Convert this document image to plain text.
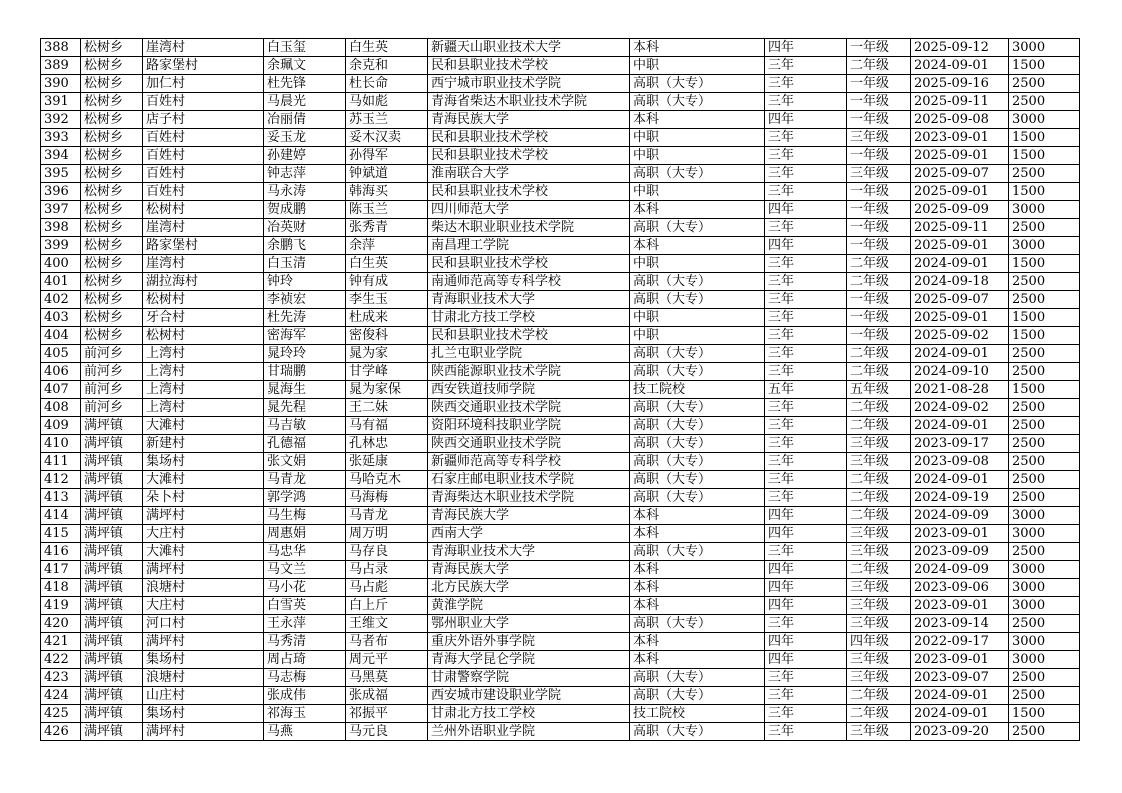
388	松树乡	崖湾村	白玉玺	白生英	新疆天山职业技术大学	本科	四年	一年级	2025-09-12	3000
389	松树乡	路家堡村	余珮文	余克和	民和县职业技术学校	中职	三年	二年级	2024-09-01	1500
390	松树乡	加仁村	杜先锋	杜长命	西宁城市职业技术学院	高职（大专）	三年	一年级	2025-09-16	2500
391	松树乡	百姓村	马晨光	马如彪	青海省柴达木职业技术学院	高职（大专）	三年	一年级	2025-09-11	2500
392	松树乡	店子村	冶丽倩	苏玉兰	青海民族大学	本科	四年	一年级	2025-09-08	3000
393	松树乡	百姓村	妥玉龙	妥木汉卖	民和县职业技术学校	中职	三年	三年级	2023-09-01	1500
394	松树乡	百姓村	孙建婷	孙得军	民和县职业技术学校	中职	三年	一年级	2025-09-01	1500
395	松树乡	百姓村	钟志萍	钟斌道	淮南联合大学	高职（大专）	三年	三年级	2025-09-07	2500
396	松树乡	百姓村	马永涛	韩海买	民和县职业技术学校	中职	三年	一年级	2025-09-01	1500
397	松树乡	松树村	贺成鹏	陈玉兰	四川师范大学	本科	四年	一年级	2025-09-09	3000
398	松树乡	崖湾村	冶英财	张秀青	柴达木职业职业技术学院	高职（大专）	三年	一年级	2025-09-11	2500
399	松树乡	路家堡村	余鹏飞	余萍	南昌理工学院	本科	四年	一年级	2025-09-01	3000
400	松树乡	崖湾村	白玉清	白生英	民和县职业技术学校	中职	三年	二年级	2024-09-01	1500
401	松树乡	湖拉海村	钟玲	钟有成	南通师范高等专科学校	高职（大专）	三年	二年级	2024-09-18	2500
402	松树乡	松树村	李祯宏	李生玉	青海职业技术大学	高职（大专）	三年	一年级	2025-09-07	2500
403	松树乡	牙合村	杜先涛	杜成来	甘肃北方技工学校	中职	三年	一年级	2025-09-01	1500
404	松树乡	松树村	密海军	密俊科	民和县职业技术学校	中职	三年	一年级	2025-09-02	1500
405	前河乡	上湾村	晁玲玲	晁为家	扎兰屯职业学院	高职（大专）	三年	二年级	2024-09-01	2500
406	前河乡	上湾村	甘瑞鹏	甘学峰	陕西能源职业技术学院	高职（大专）	三年	二年级	2024-09-10	2500
407	前河乡	上湾村	晁海生	晁为家保	西安铁道技师学院	技工院校	五年	五年级	2021-08-28	1500
408	前河乡	上湾村	晁先程	王二妹	陕西交通职业技术学院	高职（大专）	三年	二年级	2024-09-02	2500
409	满坪镇	大滩村	马吉敏	马有福	资阳环境科技职业学院	高职（大专）	三年	二年级	2024-09-01	2500
410	满坪镇	新建村	孔德福	孔林忠	陕西交通职业技术学院	高职（大专）	三年	三年级	2023-09-17	2500
411	满坪镇	集场村	张文娟	张延康	新疆师范高等专科学校	高职（大专）	三年	三年级	2023-09-08	2500
412	满坪镇	大滩村	马青龙	马哈克木	石家庄邮电职业技术学院	高职（大专）	三年	二年级	2024-09-01	2500
413	满坪镇	朵卜村	郭学鸿	马海梅	青海柴达木职业技术学院	高职（大专）	三年	二年级	2024-09-19	2500
414	满坪镇	满坪村	马生梅	马青龙	青海民族大学	本科	四年	二年级	2024-09-09	3000
415	满坪镇	大庄村	周惠娟	周万明	西南大学	本科	四年	三年级	2023-09-01	3000
416	满坪镇	大滩村	马忠华	马存良	青海职业技术大学	高职（大专）	三年	三年级	2023-09-09	2500
417	满坪镇	满坪村	马文兰	马占录	青海民族大学	本科	四年	二年级	2024-09-09	3000
418	满坪镇	浪塘村	马小花	马占彪	北方民族大学	本科	四年	三年级	2023-09-06	3000
419	满坪镇	大庄村	白雪英	白上斤	黄淮学院	本科	四年	三年级	2023-09-01	3000
420	满坪镇	河口村	王永萍	王维文	鄂州职业大学	高职（大专）	三年	三年级	2023-09-14	2500
421	满坪镇	满坪村	马秀清	马者布	重庆外语外事学院	本科	四年	四年级	2022-09-17	3000
422	满坪镇	集场村	周占琦	周元平	青海大学昆仑学院	本科	四年	三年级	2023-09-01	3000
423	满坪镇	浪塘村	马志梅	马黑莫	甘肃警察学院	高职（大专）	三年	三年级	2023-09-07	2500
424	满坪镇	山庄村	张成伟	张成福	西安城市建设职业学院	高职（大专）	三年	二年级	2024-09-01	2500
425	满坪镇	集场村	祁海玉	祁振平	甘肃北方技工学校	技工院校	三年	二年级	2024-09-01	1500
426	满坪镇	满坪村	马燕	马元良	兰州外语职业学院	高职（大专）	三年	三年级	2023-09-20	2500
